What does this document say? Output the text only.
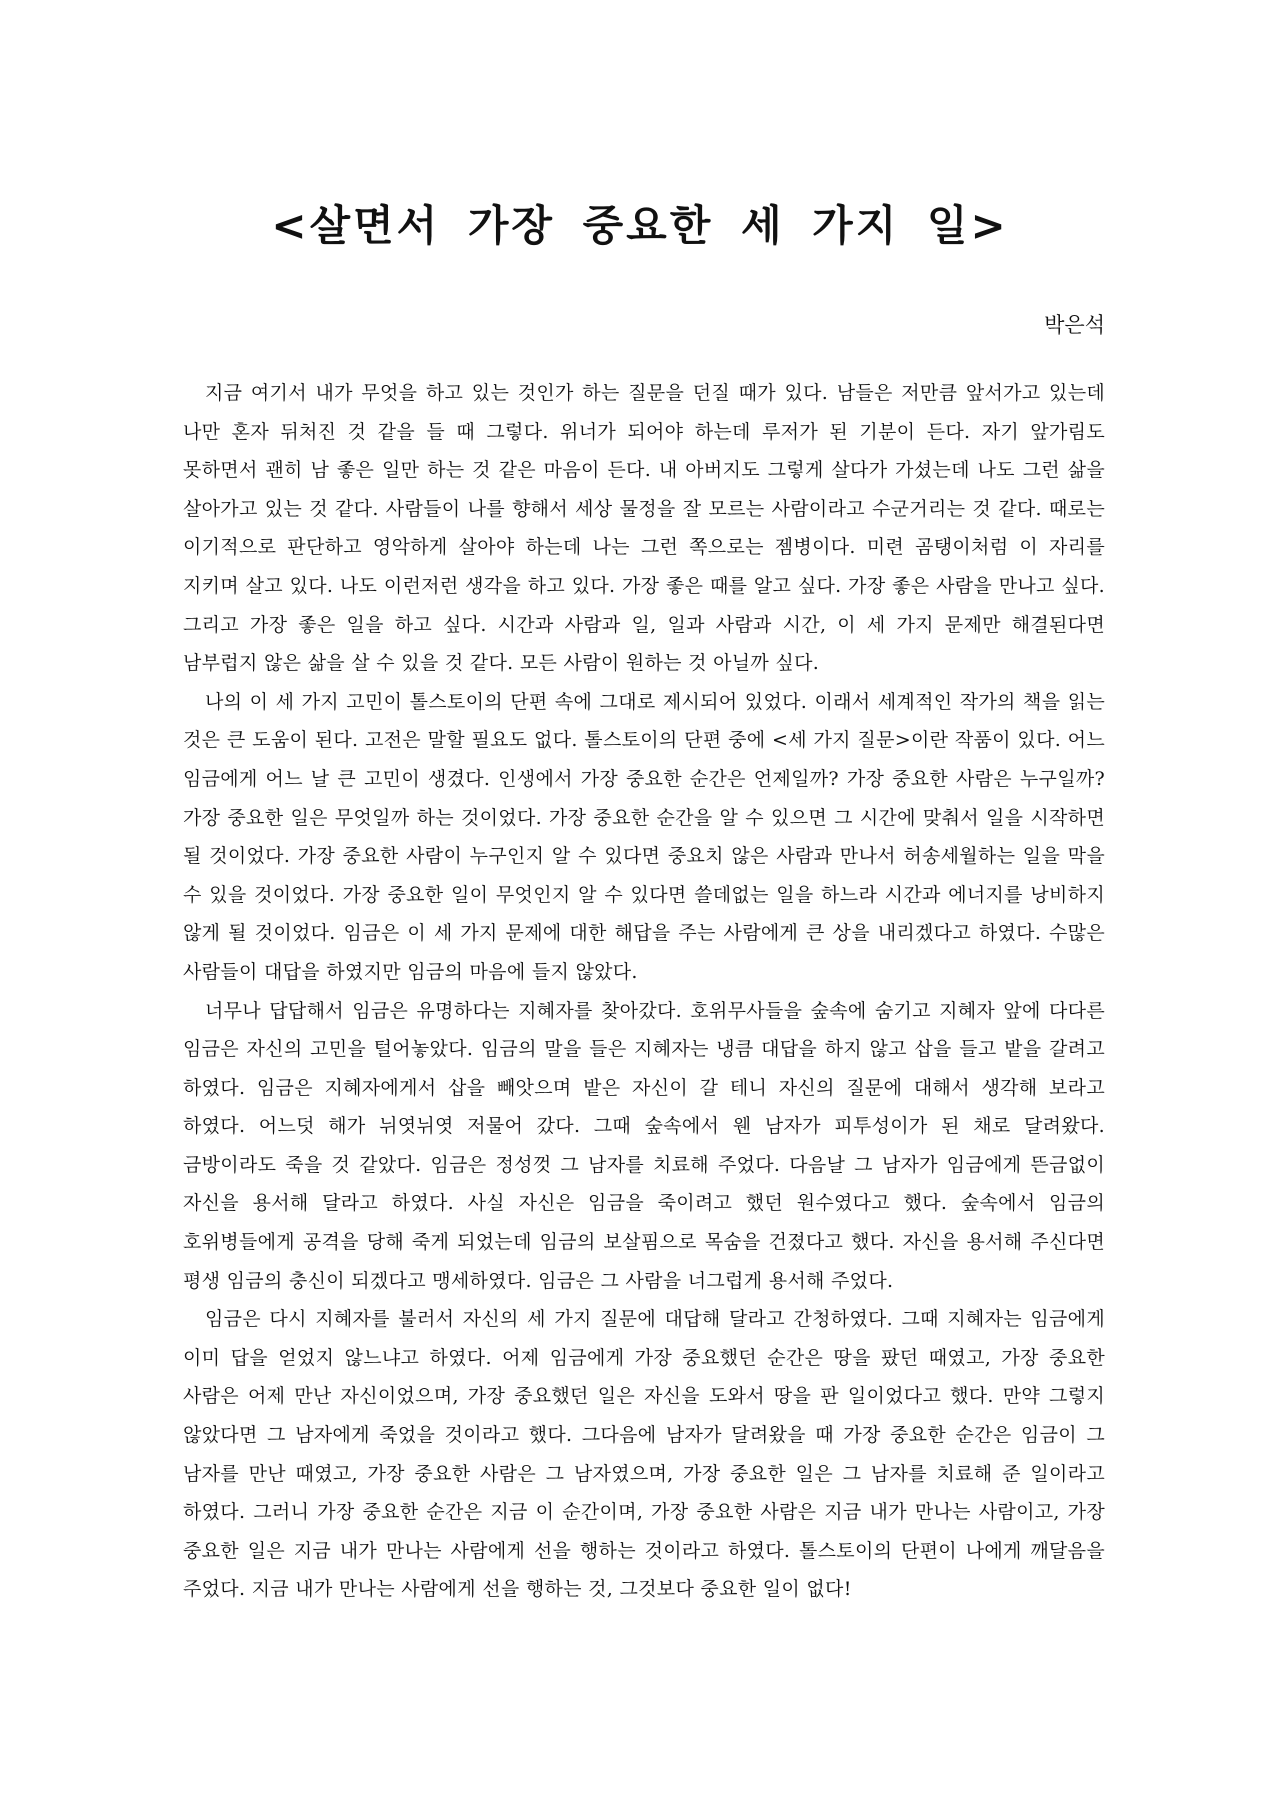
<살면서 가장 중요한 세 가지 일>

박은석

지금 여기서 내가 무엇을 하고 있는 것인가 하는 질문을 던질 때가 있다. 남들은 저만큼 앞서가고 있는데 나만 혼자 뒤처진 것 같을 들 때 그렇다. 위너가 되어야 하는데 루저가 된 기분이 든다. 자기 앞가림도 못하면서 괜히 남 좋은 일만 하는 것 같은 마음이 든다. 내 아버지도 그렇게 살다가 가셨는데 나도 그런 삶을 살아가고 있는 것 같다. 사람들이 나를 향해서 세상 물정을 잘 모르는 사람이라고 수군거리는 것 같다. 때로는 이기적으로 판단하고 영악하게 살아야 하는데 나는 그런 쪽으로는 젬병이다. 미련 곰탱이처럼 이 자리를 지키며 살고 있다. 나도 이런저런 생각을 하고 있다. 가장 좋은 때를 알고 싶다. 가장 좋은 사람을 만나고 싶다. 그리고 가장 좋은 일을 하고 싶다. 시간과 사람과 일, 일과 사람과 시간, 이 세 가지 문제만 해결된다면 남부럽지 않은 삶을 살 수 있을 것 같다. 모든 사람이 원하는 것 아닐까 싶다.

나의 이 세 가지 고민이 톨스토이의 단편 속에 그대로 제시되어 있었다. 이래서 세계적인 작가의 책을 읽는 것은 큰 도움이 된다. 고전은 말할 필요도 없다. 톨스토이의 단편 중에 <세 가지 질문>이란 작품이 있다. 어느 임금에게 어느 날 큰 고민이 생겼다. 인생에서 가장 중요한 순간은 언제일까? 가장 중요한 사람은 누구일까? 가장 중요한 일은 무엇일까 하는 것이었다. 가장 중요한 순간을 알 수 있으면 그 시간에 맞춰서 일을 시작하면 될 것이었다. 가장 중요한 사람이 누구인지 알 수 있다면 중요치 않은 사람과 만나서 허송세월하는 일을 막을 수 있을 것이었다. 가장 중요한 일이 무엇인지 알 수 있다면 쓸데없는 일을 하느라 시간과 에너지를 낭비하지 않게 될 것이었다. 임금은 이 세 가지 문제에 대한 해답을 주는 사람에게 큰 상을 내리겠다고 하였다. 수많은 사람들이 대답을 하였지만 임금의 마음에 들지 않았다.

너무나 답답해서 임금은 유명하다는 지혜자를 찾아갔다. 호위무사들을 숲속에 숨기고 지혜자 앞에 다다른 임금은 자신의 고민을 털어놓았다. 임금의 말을 들은 지혜자는 냉큼 대답을 하지 않고 삽을 들고 밭을 갈려고 하였다. 임금은 지혜자에게서 삽을 빼앗으며 밭은 자신이 갈 테니 자신의 질문에 대해서 생각해 보라고 하였다. 어느덧 해가 뉘엿뉘엿 저물어 갔다. 그때 숲속에서 웬 남자가 피투성이가 된 채로 달려왔다. 금방이라도 죽을 것 같았다. 임금은 정성껏 그 남자를 치료해 주었다. 다음날 그 남자가 임금에게 뜬금없이 자신을 용서해 달라고 하였다. 사실 자신은 임금을 죽이려고 했던 원수였다고 했다. 숲속에서 임금의 호위병들에게 공격을 당해 죽게 되었는데 임금의 보살핌으로 목숨을 건졌다고 했다. 자신을 용서해 주신다면 평생 임금의 충신이 되겠다고 맹세하였다. 임금은 그 사람을 너그럽게 용서해 주었다.

임금은 다시 지혜자를 불러서 자신의 세 가지 질문에 대답해 달라고 간청하였다. 그때 지혜자는 임금에게 이미 답을 얻었지 않느냐고 하였다. 어제 임금에게 가장 중요했던 순간은 땅을 팠던 때였고, 가장 중요한 사람은 어제 만난 자신이었으며, 가장 중요했던 일은 자신을 도와서 땅을 판 일이었다고 했다. 만약 그렇지 않았다면 그 남자에게 죽었을 것이라고 했다. 그다음에 남자가 달려왔을 때 가장 중요한 순간은 임금이 그 남자를 만난 때였고, 가장 중요한 사람은 그 남자였으며, 가장 중요한 일은 그 남자를 치료해 준 일이라고 하였다. 그러니 가장 중요한 순간은 지금 이 순간이며, 가장 중요한 사람은 지금 내가 만나는 사람이고, 가장 중요한 일은 지금 내가 만나는 사람에게 선을 행하는 것이라고 하였다. 톨스토이의 단편이 나에게 깨달음을 주었다. 지금 내가 만나는 사람에게 선을 행하는 것, 그것보다 중요한 일이 없다!
